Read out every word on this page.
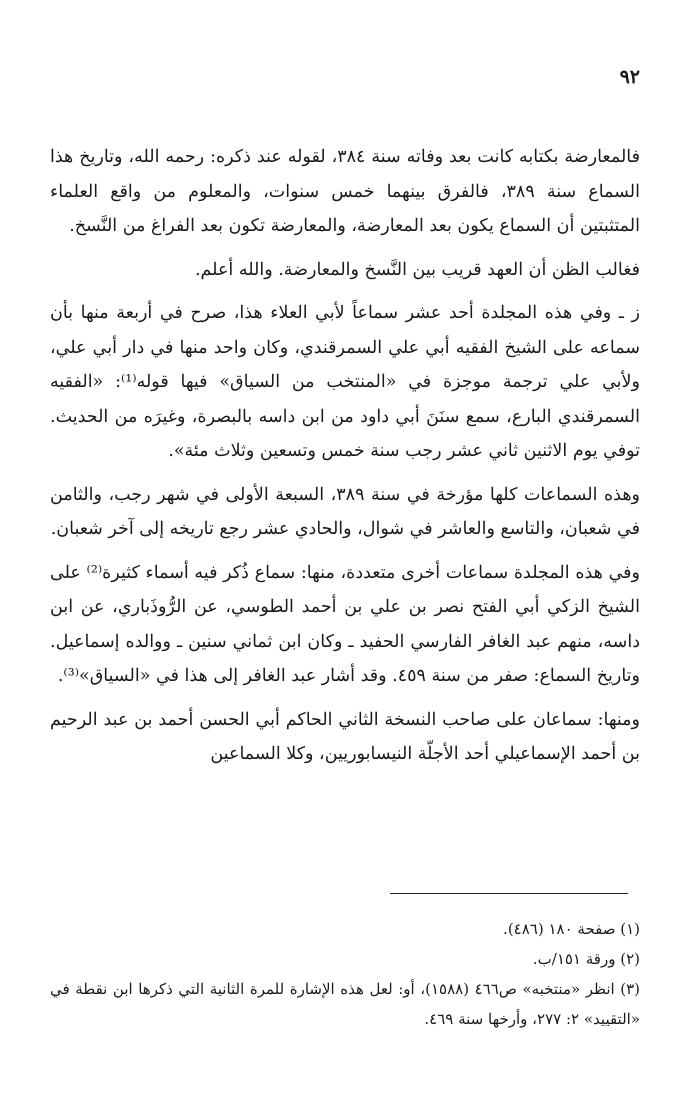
٩٢

فالمعارضة بكتابه كانت بعد وفاته سنة ٣٨٤، لقوله عند ذكره: رحمه الله، وتاريخ هذا السماع سنة ٣٨٩، فالفرق بينهما خمس سنوات، والمعلوم من واقع العلماء المتثبتين أن السماع يكون بعد المعارضة، والمعارضة تكون بعد الفراغ من النَّسخ.

فغالب الظن أن العهد قريب بين النَّسخ والمعارضة. والله أعلم.

ز ـ وفي هذه المجلدة أحد عشر سماعاً لأبي العلاء هذا، صرح في أربعة منها بأن سماعه على الشيخ الفقيه أبي علي السمرقندي، وكان واحد منها في دار أبي علي، ولأبي علي ترجمة موجزة في «المنتخب من السياق» فيها قوله⁽¹⁾: «الفقيه السمرقندي البارع، سمع سنَنَ أبي داود من ابن داسه بالبصرة، وغيرَه من الحديث. توفي يوم الاثنين ثاني عشر رجب سنة خمس وتسعين وثلاث مئة».

وهذه السماعات كلها مؤرخة في سنة ٣٨٩، السبعة الأولى في شهر رجب، والثامن في شعبان، والتاسع والعاشر في شوال، والحادي عشر رجع تاريخه إلى آخر شعبان.

وفي هذه المجلدة سماعات أخرى متعددة، منها: سماع ذُكر فيه أسماء كثيرة⁽²⁾ على الشيخ الزكي أبي الفتح نصر بن علي بن أحمد الطوسي، عن الرُّوذَباري، عن ابن داسه، منهم عبد الغافر الفارسي الحفيد ـ وكان ابن ثماني سنين ـ ووالده إسماعيل. وتاريخ السماع: صفر من سنة ٤٥٩. وقد أشار عبد الغافر إلى هذا في «السياق»⁽³⁾.

ومنها: سماعان على صاحب النسخة الثاني الحاكم أبي الحسن أحمد بن عبد الرحيم بن أحمد الإسماعيلي أحد الأجلّة النيسابوريين، وكلا السماعين

(١) صفحة ١٨٠ (٤٨٦).

(٢) ورقة ١٥١/ب.

(٣) انظر «منتخبه» ص٤٦٦ (١٥٨٨)، أو: لعل هذه الإشارة للمرة الثانية التي ذكرها ابن نقطة في «التقييد» ٢: ٢٧٧، وأرخها سنة ٤٦٩.
